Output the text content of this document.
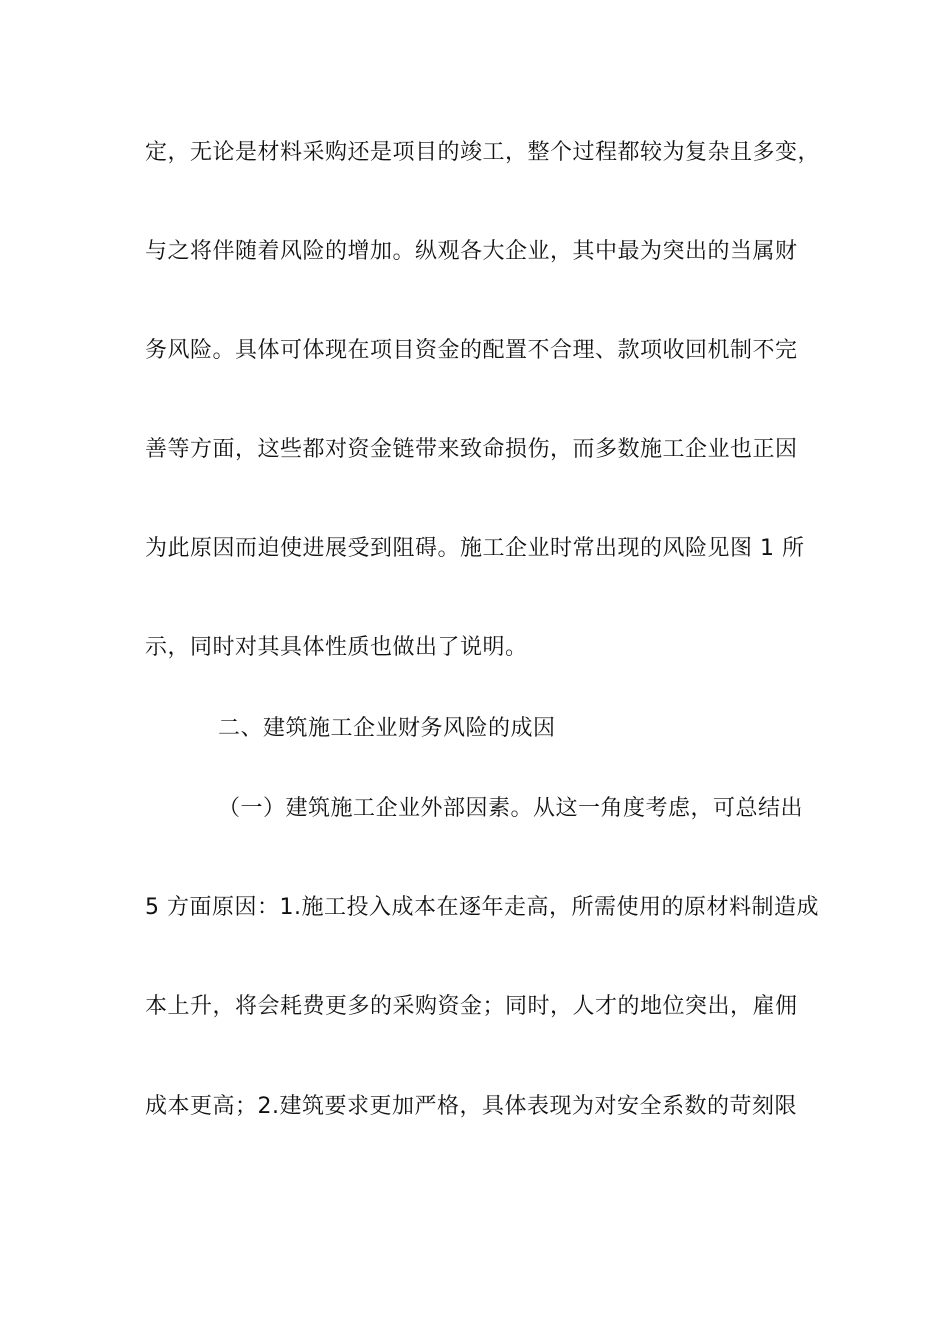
定，无论是材料采购还是项目的竣工，整个过程都较为复杂且多变，
与之将伴随着风险的增加。纵观各大企业，其中最为突出的当属财
务风险。具体可体现在项目资金的配置不合理、款项收回机制不完
善等方面，这些都对资金链带来致命损伤，而多数施工企业也正因
为此原因而迫使进展受到阻碍。施工企业时常出现的风险见图 1 所
示，同时对其具体性质也做出了说明。
二、建筑施工企业财务风险的成因
（一）建筑施工企业外部因素。从这一角度考虑，可总结出
5 方面原因：1.施工投入成本在逐年走高，所需使用的原材料制造成
本上升，将会耗费更多的采购资金；同时，人才的地位突出，雇佣
成本更高；2.建筑要求更加严格，具体表现为对安全系数的苛刻限
